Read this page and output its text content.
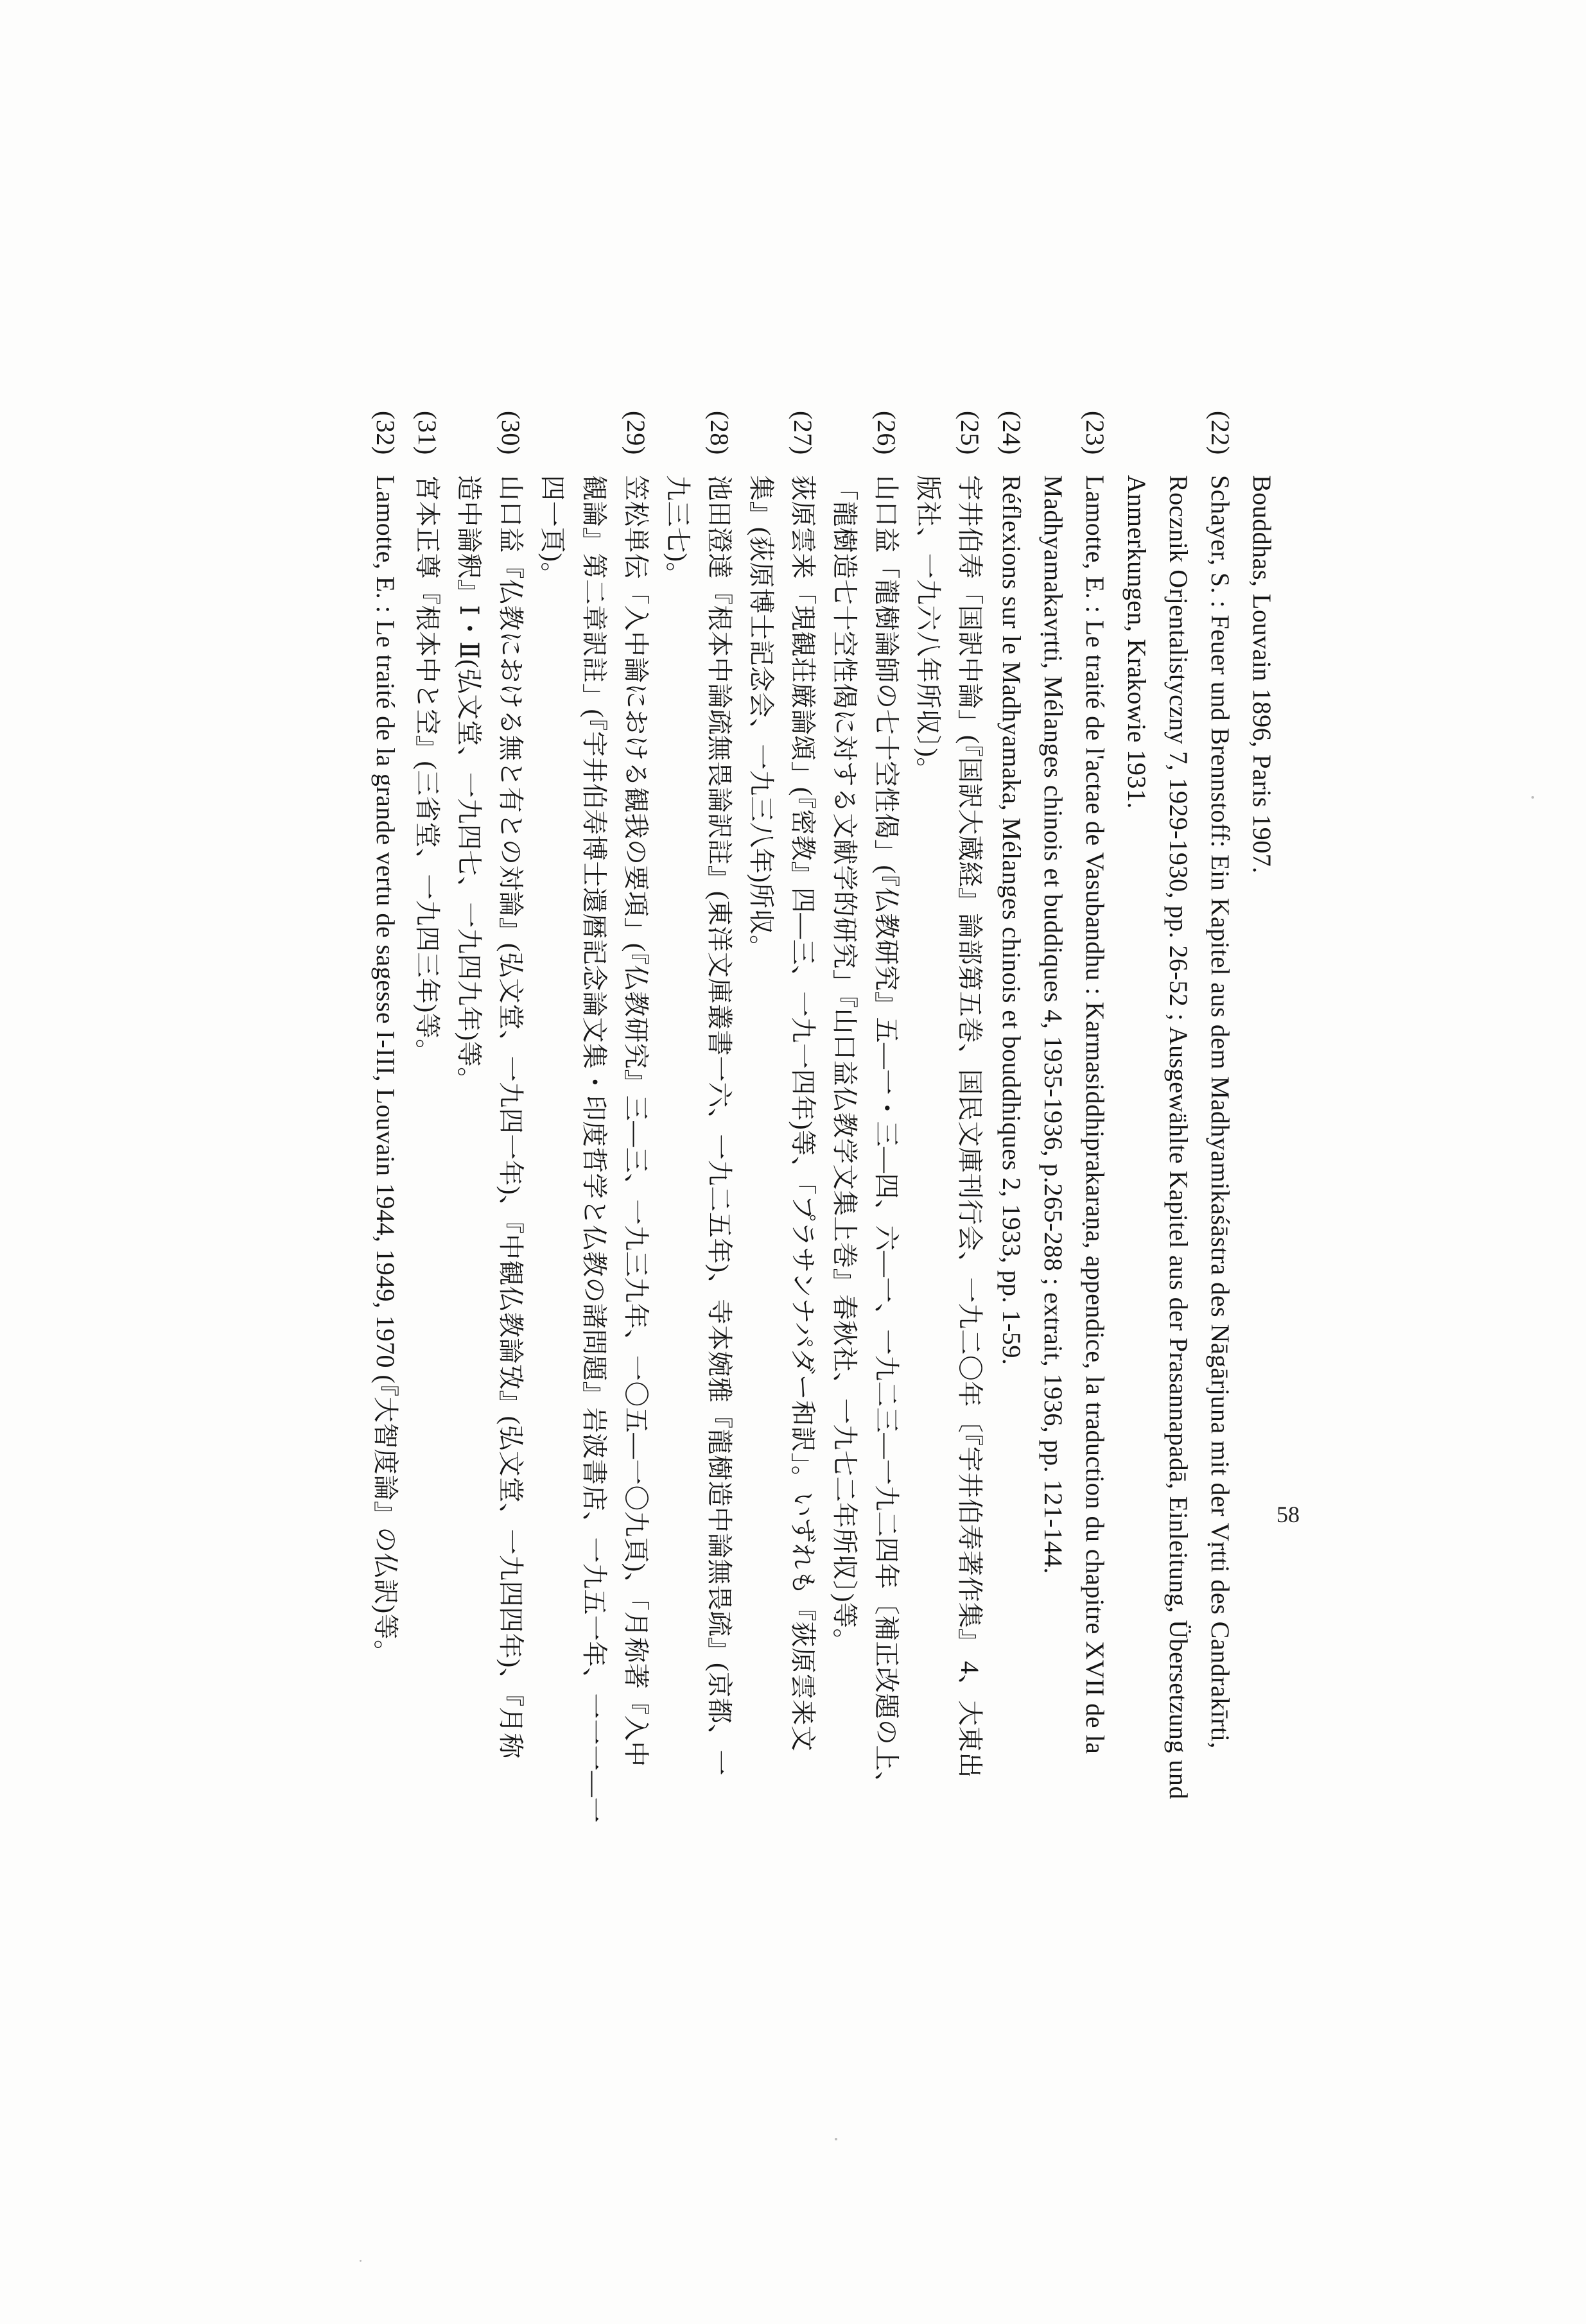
Bouddhas, Louvain 1896, Paris 1907.
(22)Schayer, S. : Feuer und Brennstoff: Ein Kapitel aus dem Madhyamikaśāstra des Nāgārjuna mit der Vṛtti des Candrakīrti,
Rocznik Orjentalistyczny 7, 1929-1930, pp. 26-52 ; Ausgewählte Kapitel aus der Prasannapadā, Einleitung, Übersetzung und
Anmerkungen, Krakowie 1931.
(23)Lamotte, E. : Le traité de l'actae de Vasubandhu : Karmasiddhiprakaraṇa, appendice, la traduction du chapitre XVII de la
Madhyamakavṛtti, Mélanges chinois et buddiques 4, 1935-1936, p.265-288 ; extrait, 1936, pp. 121-144.
(24)Réflexions sur le Madhyamaka, Mélanges chinois et bouddhiques 2, 1933, pp. 1-59.
(25)宇井伯寿「国訳中論」(『国訳大蔵経』論部第五巻、国民文庫刊行会、一九二〇年〔『宇井伯寿著作集』 4、大東出
版社、一九六八年所収〕)。
(26)山口益「龍樹論師の七十空性偈」(『仏教研究』五―一・三―四、六―一、一九二三―一九二四年〔補正改題の上、
「龍樹造七十空性偈に対する文献学的研究」『山口益仏教学文集上巻』春秋社、一九七二年所収〕)等。
(27)荻原雲来「現観荘厳論頌」(『密教』四―三、一九一四年)等、「プラサンナパダー和訳」。いずれも『荻原雲来文
集』(荻原博士記念会、一九三八年)所収。
(28)池田澄達『根本中論疏無畏論訳註』(東洋文庫叢書一六、一九二五年)、寺本婉雅『龍樹造中論無畏疏』(京都、一
九三七)。
(29)笠松単伝「入中論における観我の要項」(『仏教研究』三―三、一九三九年、一〇五―一〇九頁)、「月称著『入中
観論』第二章訳註」(『宇井伯寿博士還暦記念論文集・印度哲学と仏教の諸問題』岩波書店、一九五一年、一一一―一
四一頁)。
(30)山口益『仏教における無と有との対論』(弘文堂、一九四一年)、『中観仏教論攷』(弘文堂、一九四四年)、『月称
造中論釈』Ⅰ・Ⅱ(弘文堂、一九四七、一九四九年)等。
(31)宮本正尊『根本中と空』(三省堂、一九四三年)等。
(32)Lamotte, E. : Le traité de la grande vertu de sagesse I-III, Louvain 1944, 1949, 1970 (『大智度論』の仏訳)等。	58
